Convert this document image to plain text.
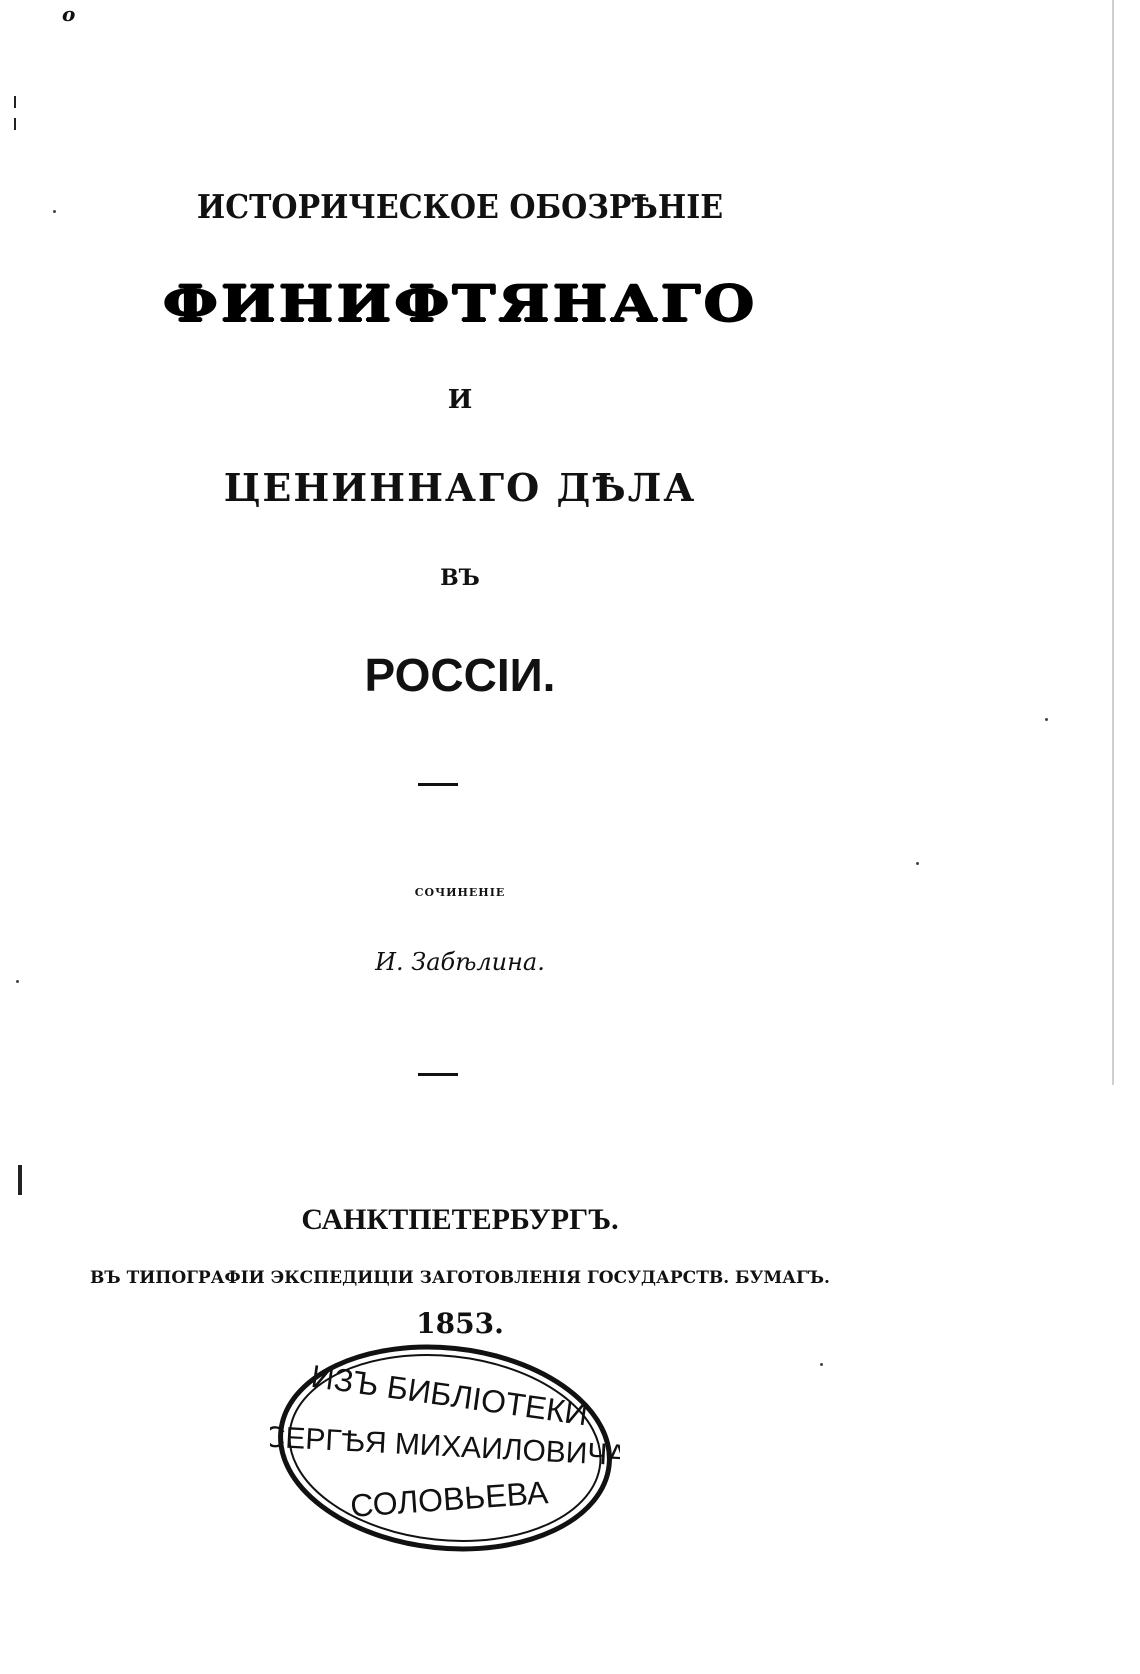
o
ИСТОРИЧЕСКОЕ ОБОЗРѢНІЕ
ФИНИФТЯНАГО
И
ЦЕНИННАГО ДѢЛА
ВЪ
РОССІИ.
сочиненіе
И. Забѣлина.
САНКТПЕТЕРБУРГЪ.
ВЪ ТИПОГРАФІИ ЭКСПЕДИЦІИ ЗАГОТОВЛЕНІЯ ГОСУДАРСТВ. БУМАГЪ.
1853.
ИЗЪ БИБЛІОТЕКИ
СЕРГѢЯ МИХАИЛОВИЧА
СОЛОВЬЕВА
